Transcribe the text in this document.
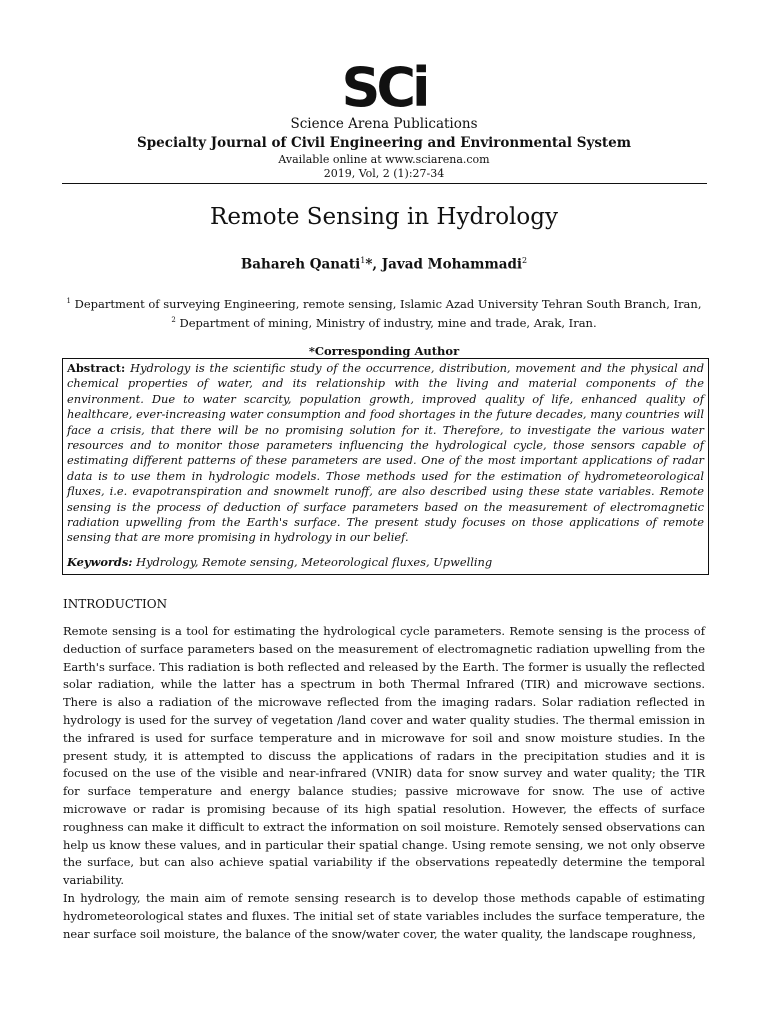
SCi
Science Arena Publications
Specialty Journal of Civil Engineering and Environmental System
Available online at www.sciarena.com
2019, Vol, 2 (1):27-34
Remote Sensing in Hydrology
Bahareh Qanati$^1$*, Javad Mohammadi$^2$
$^1$ Department of surveying Engineering, remote sensing, Islamic Azad University Tehran South Branch, Iran,
$^2$ Department of mining, Ministry of industry, mine and trade, Arak, Iran.
*Corresponding Author

Abstract: Hydrology is the scientific study of the occurrence, distribution, movement and the physical and chemical properties of water, and its relationship with the living and material components of the environment. Due to water scarcity, population growth, improved quality of life, enhanced quality of healthcare, ever-increasing water consumption and food shortages in the future decades, many countries will face a crisis, that there will be no promising solution for it. Therefore, to investigate the various water resources and to monitor those parameters influencing the hydrological cycle, those sensors capable of estimating different patterns of these parameters are used. One of the most important applications of radar data is to use them in hydrologic models. Those methods used for the estimation of hydrometeorological fluxes, i.e. evapotranspiration and snowmelt runoff, are also described using these state variables. Remote sensing is the process of deduction of surface parameters based on the measurement of electromagnetic radiation upwelling from the Earth's surface. The present study focuses on those applications of remote sensing that are more promising in hydrology in our belief.

Keywords: Hydrology, Remote sensing, Meteorological fluxes, Upwelling

INTRODUCTION

Remote sensing is a tool for estimating the hydrological cycle parameters. Remote sensing is the process of deduction of surface parameters based on the measurement of electromagnetic radiation upwelling from the Earth's surface. This radiation is both reflected and released by the Earth. The former is usually the reflected solar radiation, while the latter has a spectrum in both Thermal Infrared (TIR) and microwave sections. There is also a radiation of the microwave reflected from the imaging radars. Solar radiation reflected in hydrology is used for the survey of vegetation /land cover and water quality studies. The thermal emission in the infrared is used for surface temperature and in microwave for soil and snow moisture studies. In the present study, it is attempted to discuss the applications of radars in the precipitation studies and it is focused on the use of the visible and near-infrared (VNIR) data for snow survey and water quality; the TIR for surface temperature and energy balance studies; passive microwave for snow. The use of active microwave or radar is promising because of its high spatial resolution. However, the effects of surface roughness can make it difficult to extract the information on soil moisture. Remotely sensed observations can help us know these values, and in particular their spatial change. Using remote sensing, we not only observe the surface, but can also achieve spatial variability if the observations repeatedly determine the temporal variability.

In hydrology, the main aim of remote sensing research is to develop those methods capable of estimating hydrometeorological states and fluxes. The initial set of state variables includes the surface temperature, the near surface soil moisture, the balance of the snow/water cover, the water quality, the landscape roughness,
